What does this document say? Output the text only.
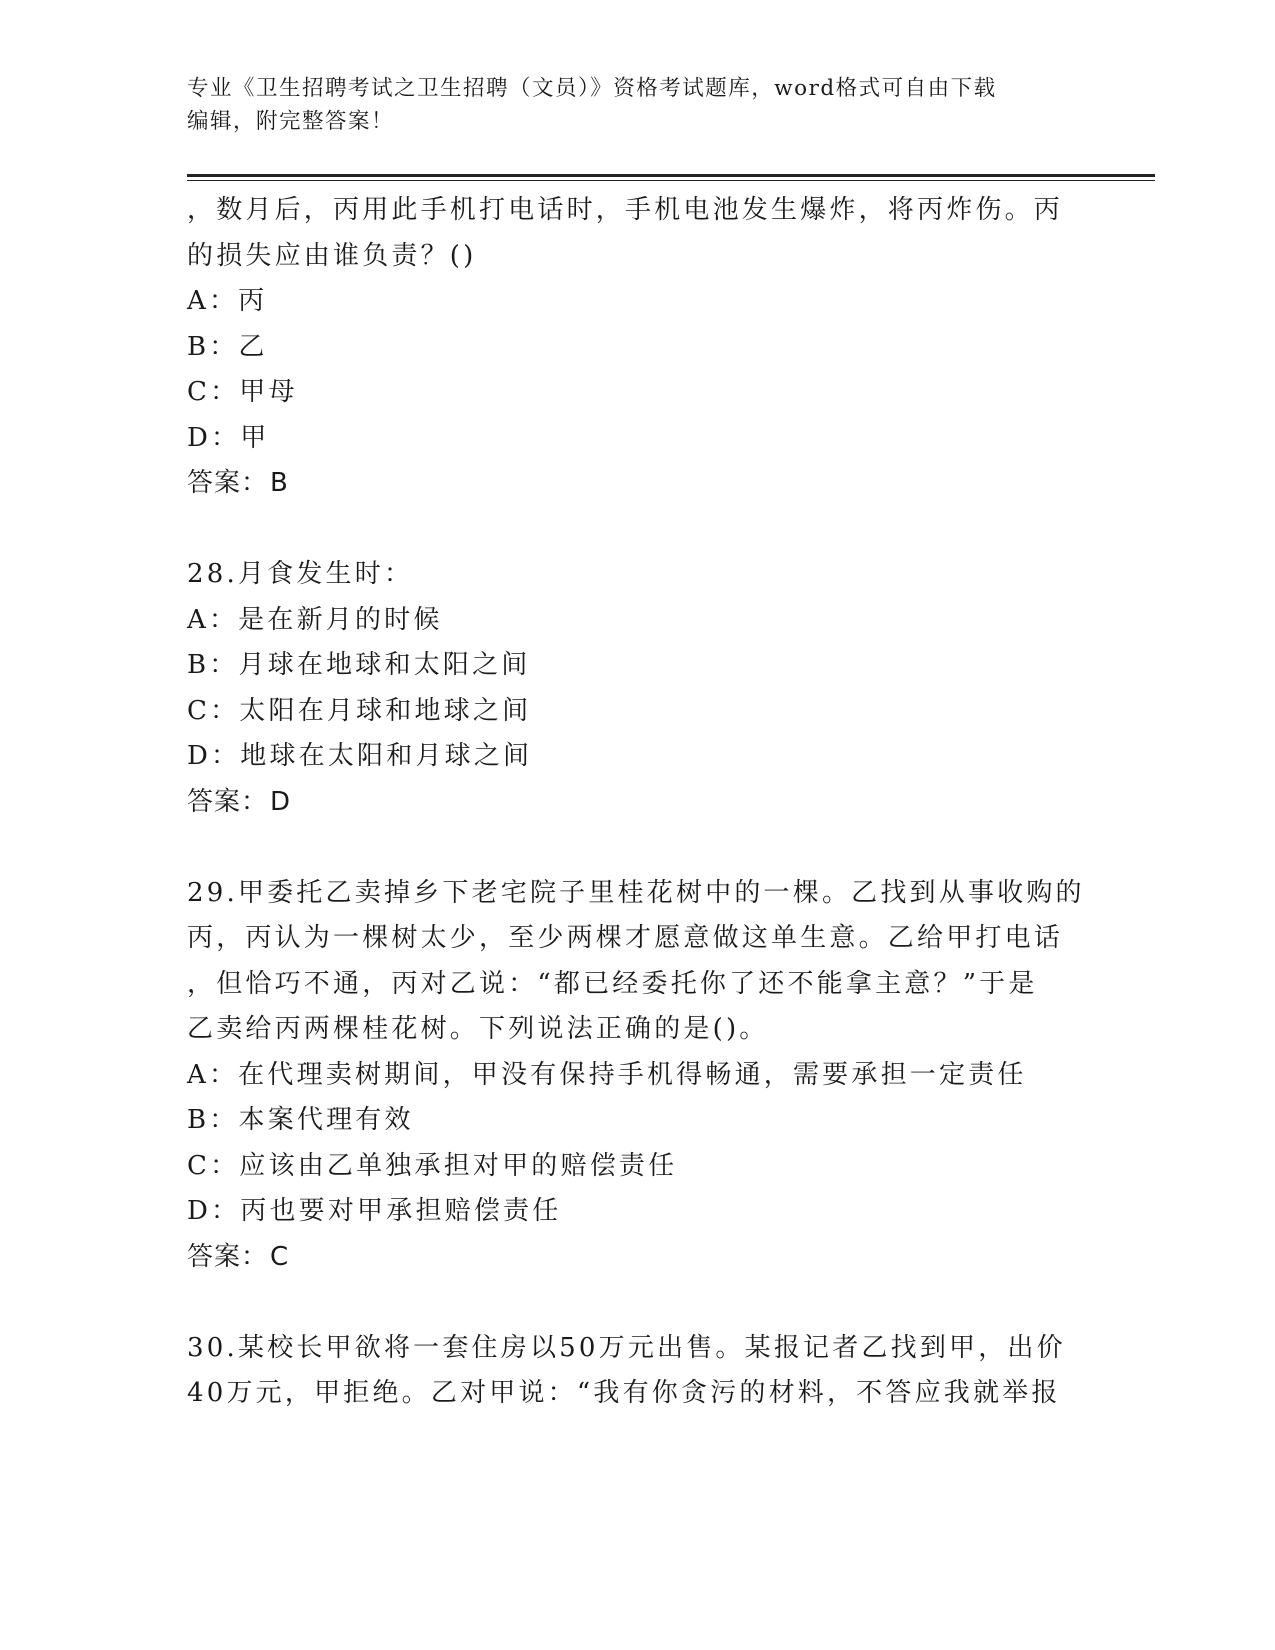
专业《卫生招聘考试之卫生招聘（文员）》资格考试题库，word格式可自由下载
编辑，附完整答案！
，数月后，丙用此手机打电话时，手机电池发生爆炸，将丙炸伤。丙
的损失应由谁负责？()
A：丙
B：乙
C：甲母
D：甲
答案：B
28.月食发生时：
A：是在新月的时候
B：月球在地球和太阳之间
C：太阳在月球和地球之间
D：地球在太阳和月球之间
答案：D
29.甲委托乙卖掉乡下老宅院子里桂花树中的一棵。乙找到从事收购的
丙，丙认为一棵树太少，至少两棵才愿意做这单生意。乙给甲打电话
，但恰巧不通，丙对乙说：“都已经委托你了还不能拿主意？”于是
乙卖给丙两棵桂花树。下列说法正确的是()。
A：在代理卖树期间，甲没有保持手机得畅通，需要承担一定责任
B：本案代理有效
C：应该由乙单独承担对甲的赔偿责任
D：丙也要对甲承担赔偿责任
答案：C
30.某校长甲欲将一套住房以50万元出售。某报记者乙找到甲，出价
40万元，甲拒绝。乙对甲说：“我有你贪污的材料，不答应我就举报
